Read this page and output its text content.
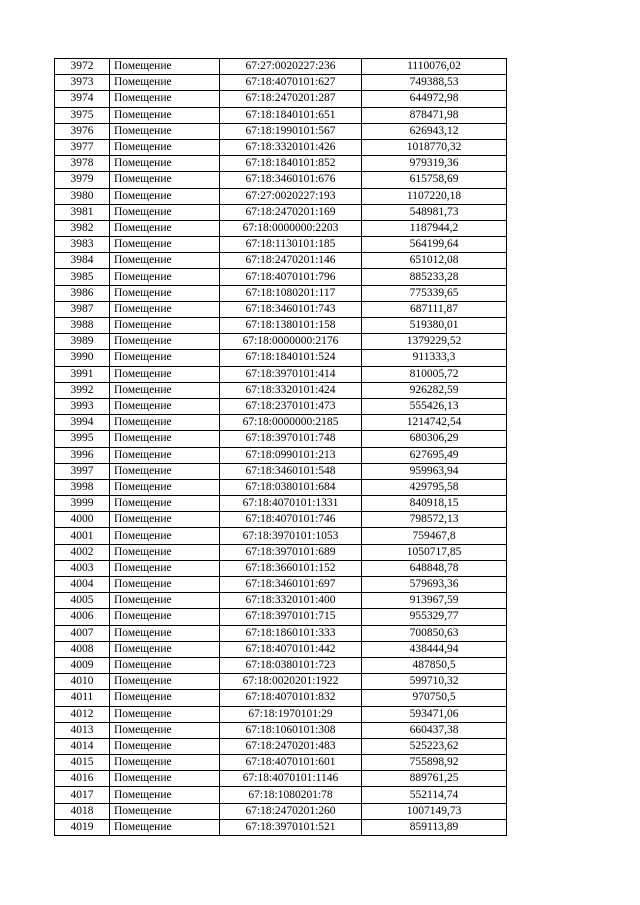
3972	Помещение	67:27:0020227:236	1110076,02
3973	Помещение	67:18:4070101:627	749388,53
3974	Помещение	67:18:2470201:287	644972,98
3975	Помещение	67:18:1840101:651	878471,98
3976	Помещение	67:18:1990101:567	626943,12
3977	Помещение	67:18:3320101:426	1018770,32
3978	Помещение	67:18:1840101:852	979319,36
3979	Помещение	67:18:3460101:676	615758,69
3980	Помещение	67:27:0020227:193	1107220,18
3981	Помещение	67:18:2470201:169	548981,73
3982	Помещение	67:18:0000000:2203	1187944,2
3983	Помещение	67:18:1130101:185	564199,64
3984	Помещение	67:18:2470201:146	651012,08
3985	Помещение	67:18:4070101:796	885233,28
3986	Помещение	67:18:1080201:117	775339,65
3987	Помещение	67:18:3460101:743	687111,87
3988	Помещение	67:18:1380101:158	519380,01
3989	Помещение	67:18:0000000:2176	1379229,52
3990	Помещение	67:18:1840101:524	911333,3
3991	Помещение	67:18:3970101:414	810005,72
3992	Помещение	67:18:3320101:424	926282,59
3993	Помещение	67:18:2370101:473	555426,13
3994	Помещение	67:18:0000000:2185	1214742,54
3995	Помещение	67:18:3970101:748	680306,29
3996	Помещение	67:18:0990101:213	627695,49
3997	Помещение	67:18:3460101:548	959963,94
3998	Помещение	67:18:0380101:684	429795,58
3999	Помещение	67:18:4070101:1331	840918,15
4000	Помещение	67:18:4070101:746	798572,13
4001	Помещение	67:18:3970101:1053	759467,8
4002	Помещение	67:18:3970101:689	1050717,85
4003	Помещение	67:18:3660101:152	648848,78
4004	Помещение	67:18:3460101:697	579693,36
4005	Помещение	67:18:3320101:400	913967,59
4006	Помещение	67:18:3970101:715	955329,77
4007	Помещение	67:18:1860101:333	700850,63
4008	Помещение	67:18:4070101:442	438444,94
4009	Помещение	67:18:0380101:723	487850,5
4010	Помещение	67:18:0020201:1922	599710,32
4011	Помещение	67:18:4070101:832	970750,5
4012	Помещение	67:18:1970101:29	593471,06
4013	Помещение	67:18:1060101:308	660437,38
4014	Помещение	67:18:2470201:483	525223,62
4015	Помещение	67:18:4070101:601	755898,92
4016	Помещение	67:18:4070101:1146	889761,25
4017	Помещение	67:18:1080201:78	552114,74
4018	Помещение	67:18:2470201:260	1007149,73
4019	Помещение	67:18:3970101:521	859113,89
